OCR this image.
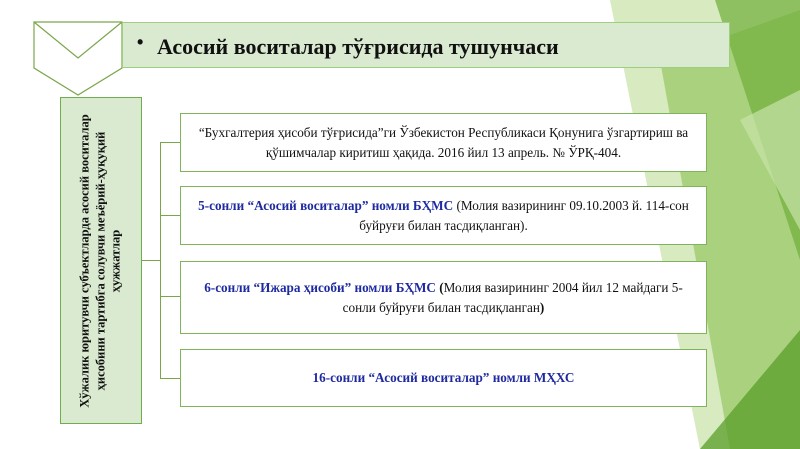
• Асосий воситалар тўғрисида тушунчаси
Хўжалик юритувчи субъектларда асосий воситалар ҳисобини тартибга солувчи меъёрий-ҳуқуқий ҳужжатлар
“Бухгалтерия ҳисоби тўғрисида”ги Ўзбекистон Республикаси Қонунига ўзгартириш ва қўшимчалар киритиш ҳақида. 2016 йил 13 апрель. № ЎРҚ-404.
5-сонли “Асосий воситалар” номли БҲМС (Молия вазирининг 09.10.2003 й. 114-сон буйруғи билан тасдиқланган).
6-сонли “Ижара ҳисоби” номли БҲМС (Молия вазирининг 2004 йил 12 майдаги 5-сонли буйруғи билан тасдиқланган)
16-сонли “Асосий воситалар” номли МҲХС
